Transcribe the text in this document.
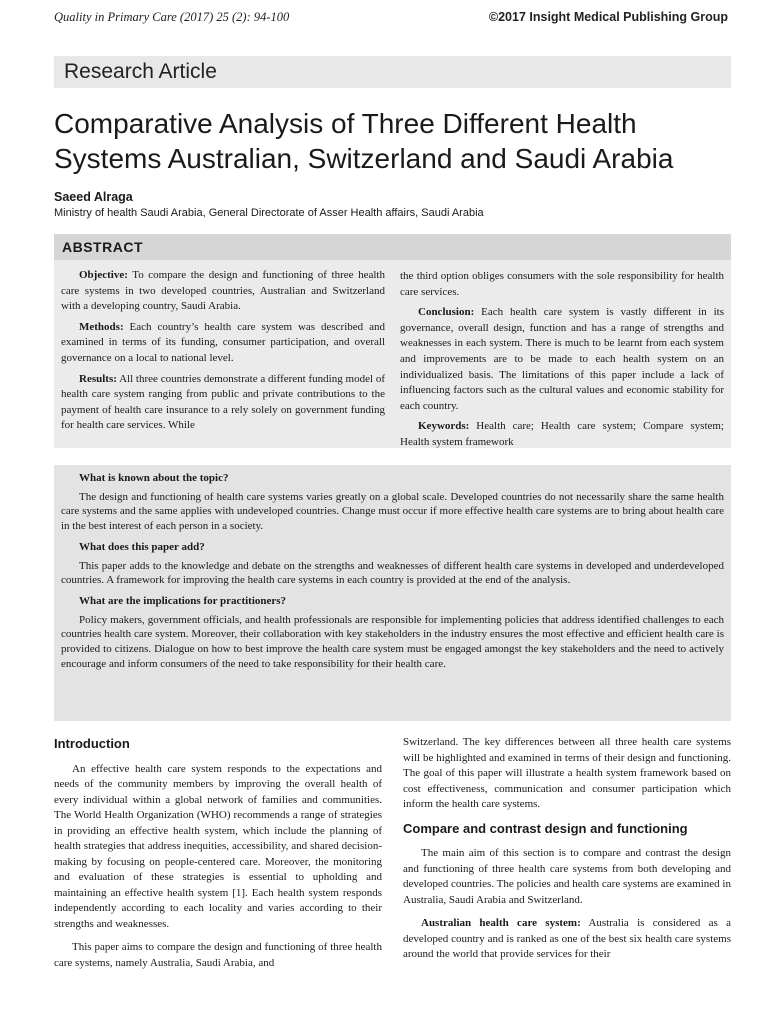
Quality in Primary Care (2017) 25 (2): 94-100	©2017 Insight Medical Publishing Group
Research Article
Comparative Analysis of Three Different Health Systems Australian, Switzerland and Saudi Arabia
Saeed Alraga
Ministry of health Saudi Arabia, General Directorate of Asser Health affairs, Saudi Arabia
ABSTRACT

Objective: To compare the design and functioning of three health care systems in two developed countries, Australian and Switzerland with a developing country, Saudi Arabia.

Methods: Each country’s health care system was described and examined in terms of its funding, consumer participation, and overall governance on a local to national level.

Results: All three countries demonstrate a different funding model of health care system ranging from public and private contributions to the payment of health care insurance to a rely solely on government funding for health care services. While

the third option obliges consumers with the sole responsibility for health care services.

Conclusion: Each health care system is vastly different in its governance, overall design, function and has a range of strengths and weaknesses in each system. There is much to be learnt from each system and improvements are to be made to each health system on an individualized basis. The limitations of this paper include a lack of influencing factors such as the cultural values and economic stability for each country.

Keywords: Health care; Health care system; Compare system; Health system framework

What is known about the topic?

The design and functioning of health care systems varies greatly on a global scale. Developed countries do not necessarily share the same health care systems and the same applies with undeveloped countries. Change must occur if more effective health care systems are to bring about health care in the best interest of each person in a society.

What does this paper add?

This paper adds to the knowledge and debate on the strengths and weaknesses of different health care systems in developed and underdeveloped countries. A framework for improving the health care systems in each country is provided at the end of the analysis.

What are the implications for practitioners?

Policy makers, government officials, and health professionals are responsible for implementing policies that address identified challenges to each countries health care system. Moreover, their collaboration with key stakeholders in the industry ensures the most effective and efficient health care is provided to citizens. Dialogue on how to best improve the health care system must be engaged amongst the key stakeholders and the need to actively encourage and inform consumers of the need to take responsibility for their health care.

Introduction

An effective health care system responds to the expectations and needs of the community members by improving the overall health of every individual within a global network of families and communities. The World Health Organization (WHO) recommends a range of strategies in providing an effective health system, which include the planning of health strategies that address inequities, accessibility, and shared decision-making by focusing on people-centered care. Moreover, the monitoring and evaluation of these strategies is essential to upholding and maintaining an effective health system [1]. Each health system responds independently according to each locality and varies according to their strengths and weaknesses.

This paper aims to compare the design and functioning of three health care systems, namely Australia, Saudi Arabia, and

Switzerland. The key differences between all three health care systems will be highlighted and examined in terms of their design and functioning. The goal of this paper will illustrate a health system framework based on cost effectiveness, communication and consumer participation which inform the health care systems.

Compare and contrast design and functioning

The main aim of this section is to compare and contrast the design and functioning of three health care systems from both developing and developed countries. The policies and health care systems are examined in Australia, Saudi Arabia and Switzerland.

Australian health care system: Australia is considered as a developed country and is ranked as one of the best six health care systems around the world that provide services for their
